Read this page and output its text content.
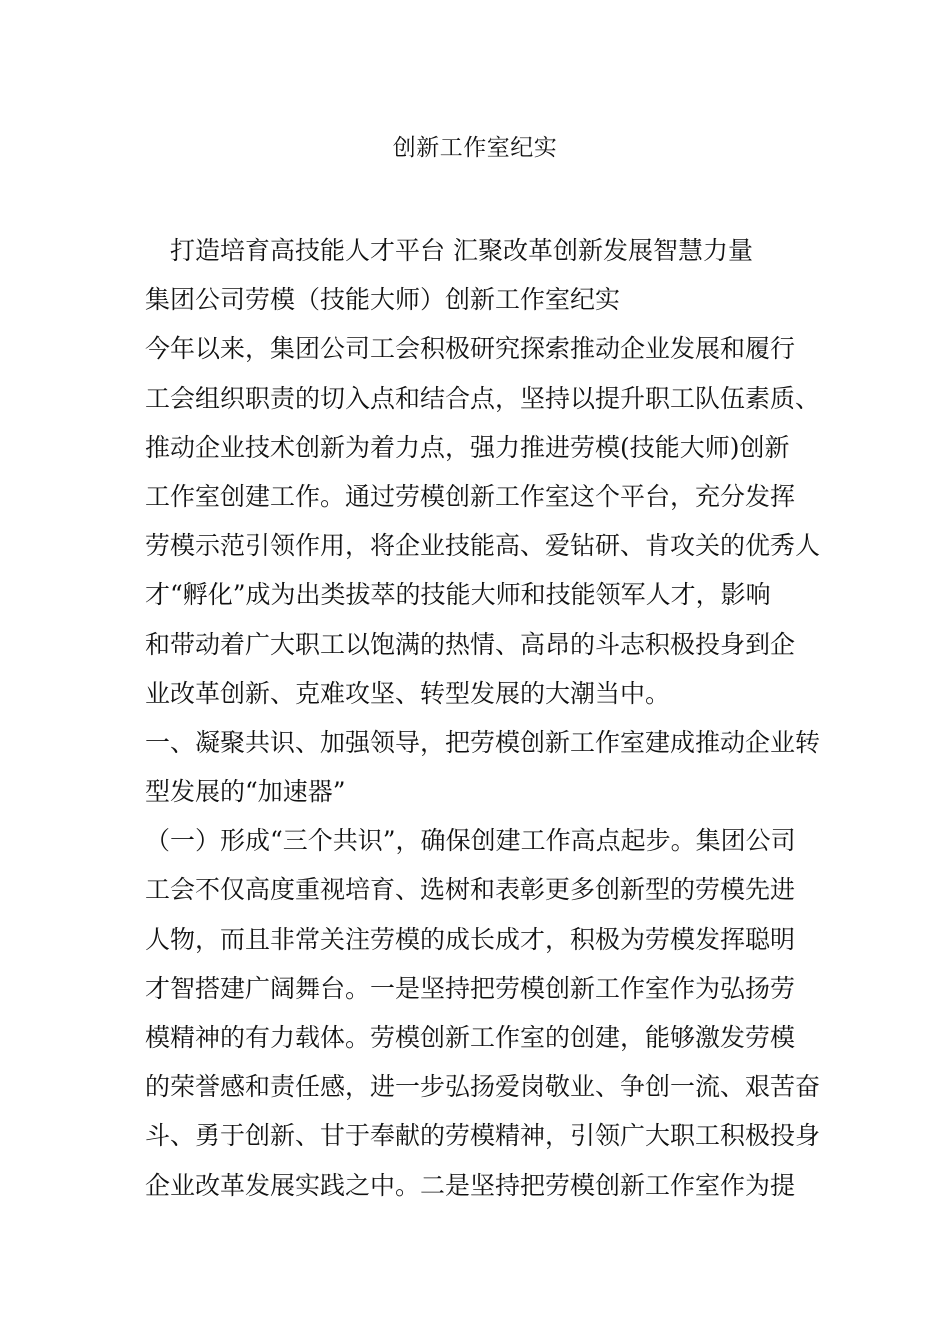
创新工作室纪实
打造培育高技能人才平台 汇聚改革创新发展智慧力量
集团公司劳模（技能大师）创新工作室纪实
今年以来，集团公司工会积极研究探索推动企业发展和履行
工会组织职责的切入点和结合点，坚持以提升职工队伍素质、
推动企业技术创新为着力点，强力推进劳模(技能大师)创新
工作室创建工作。通过劳模创新工作室这个平台，充分发挥
劳模示范引领作用，将企业技能高、爱钻研、肯攻关的优秀人
才“孵化”成为出类拔萃的技能大师和技能领军人才，影响
和带动着广大职工以饱满的热情、高昂的斗志积极投身到企
业改革创新、克难攻坚、转型发展的大潮当中。
一、凝聚共识、加强领导，把劳模创新工作室建成推动企业转
型发展的“加速器”
（一）形成“三个共识”，确保创建工作高点起步。集团公司
工会不仅高度重视培育、选树和表彰更多创新型的劳模先进
人物，而且非常关注劳模的成长成才，积极为劳模发挥聪明
才智搭建广阔舞台。一是坚持把劳模创新工作室作为弘扬劳
模精神的有力载体。劳模创新工作室的创建，能够激发劳模
的荣誉感和责任感，进一步弘扬爱岗敬业、争创一流、艰苦奋
斗、勇于创新、甘于奉献的劳模精神，引领广大职工积极投身
企业改革发展实践之中。二是坚持把劳模创新工作室作为提
